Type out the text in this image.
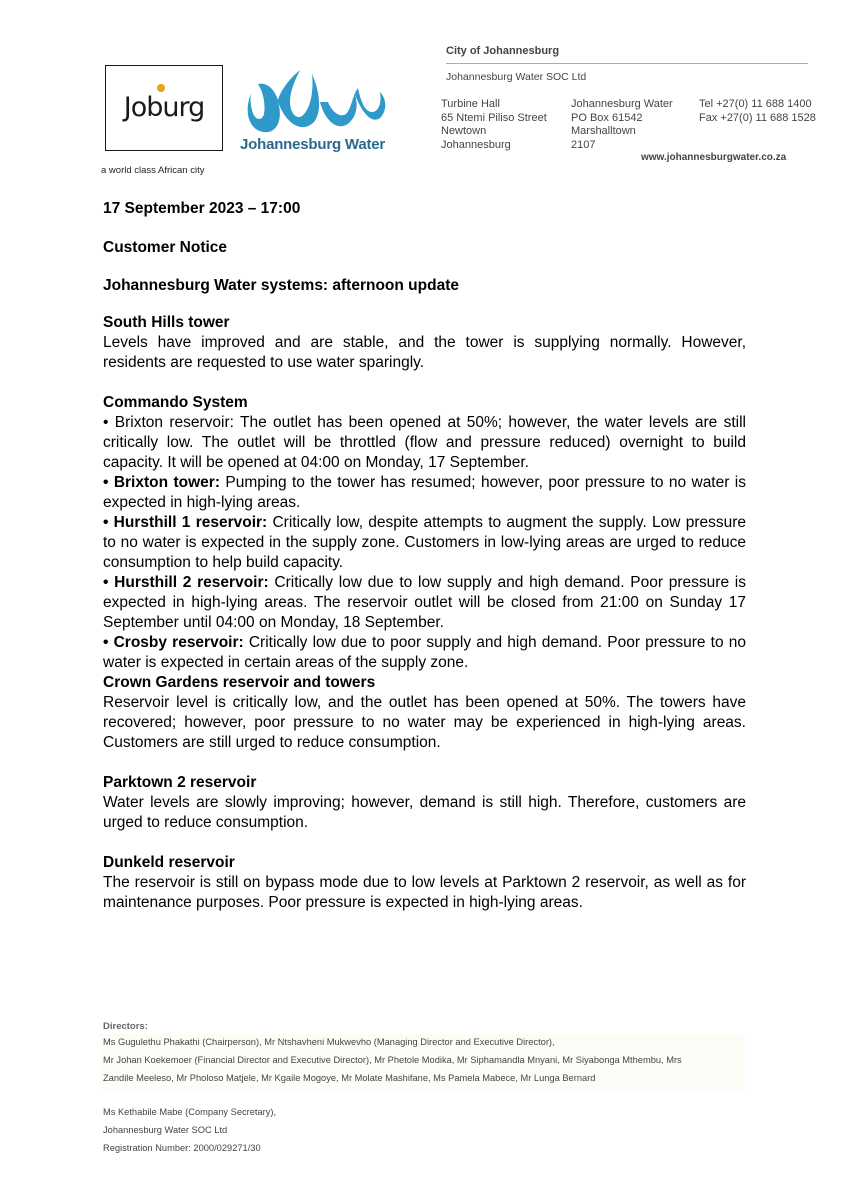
Joburg
a world class African city
Johannesburg Water
City of Johannesburg
Johannesburg Water SOC Ltd
Turbine Hall
65 Ntemi Piliso Street
Newtown
Johannesburg
Johannesburg Water
PO Box 61542
Marshalltown
2107
Tel +27(0) 11 688 1400
Fax +27(0) 11 688 1528
www.johannesburgwater.co.za

17 September 2023 – 17:00

Customer Notice

Johannesburg Water systems: afternoon update

South Hills tower

Levels have improved and are stable, and the tower is supplying normally. However, residents are requested to use water sparingly.

Commando System

• Brixton reservoir: The outlet has been opened at 50%; however, the water levels are still critically low. The outlet will be throttled (flow and pressure reduced) overnight to build capacity. It will be opened at 04:00 on Monday, 17 September.

• Brixton tower: Pumping to the tower has resumed; however, poor pressure to no water is expected in high-lying areas.

• Hursthill 1 reservoir: Critically low, despite attempts to augment the supply. Low pressure to no water is expected in the supply zone. Customers in low-lying areas are urged to reduce consumption to help build capacity.

• Hursthill 2 reservoir: Critically low due to low supply and high demand. Poor pressure is expected in high-lying areas. The reservoir outlet will be closed from 21:00 on Sunday 17 September until 04:00 on Monday, 18 September.

• Crosby reservoir: Critically low due to poor supply and high demand. Poor pressure to no water is expected in certain areas of the supply zone.

Crown Gardens reservoir and towers

Reservoir level is critically low, and the outlet has been opened at 50%. The towers have recovered; however, poor pressure to no water may be experienced in high-lying areas. Customers are still urged to reduce consumption.

Parktown 2 reservoir

Water levels are slowly improving; however, demand is still high. Therefore, customers are urged to reduce consumption.

Dunkeld reservoir

The reservoir is still on bypass mode due to low levels at Parktown 2 reservoir, as well as for maintenance purposes. Poor pressure is expected in high-lying areas.

Directors:
Ms Gugulethu Phakathi (Chairperson), Mr Ntshavheni Mukwevho (Managing Director and Executive Director),
Mr Johan Koekemoer (Financial Director and Executive Director), Mr Phetole Modika, Mr Siphamandla Mnyani, Mr Siyabonga Mthembu, Mrs
Zandile Meeleso, Mr Pholoso Matjele, Mr Kgaile Mogoye, Mr Molate Mashifane, Ms Pamela Mabece, Mr Lunga Bernard
Ms Kethabile Mabe (Company Secretary),
Johannesburg Water SOC Ltd
Registration Number: 2000/029271/30
